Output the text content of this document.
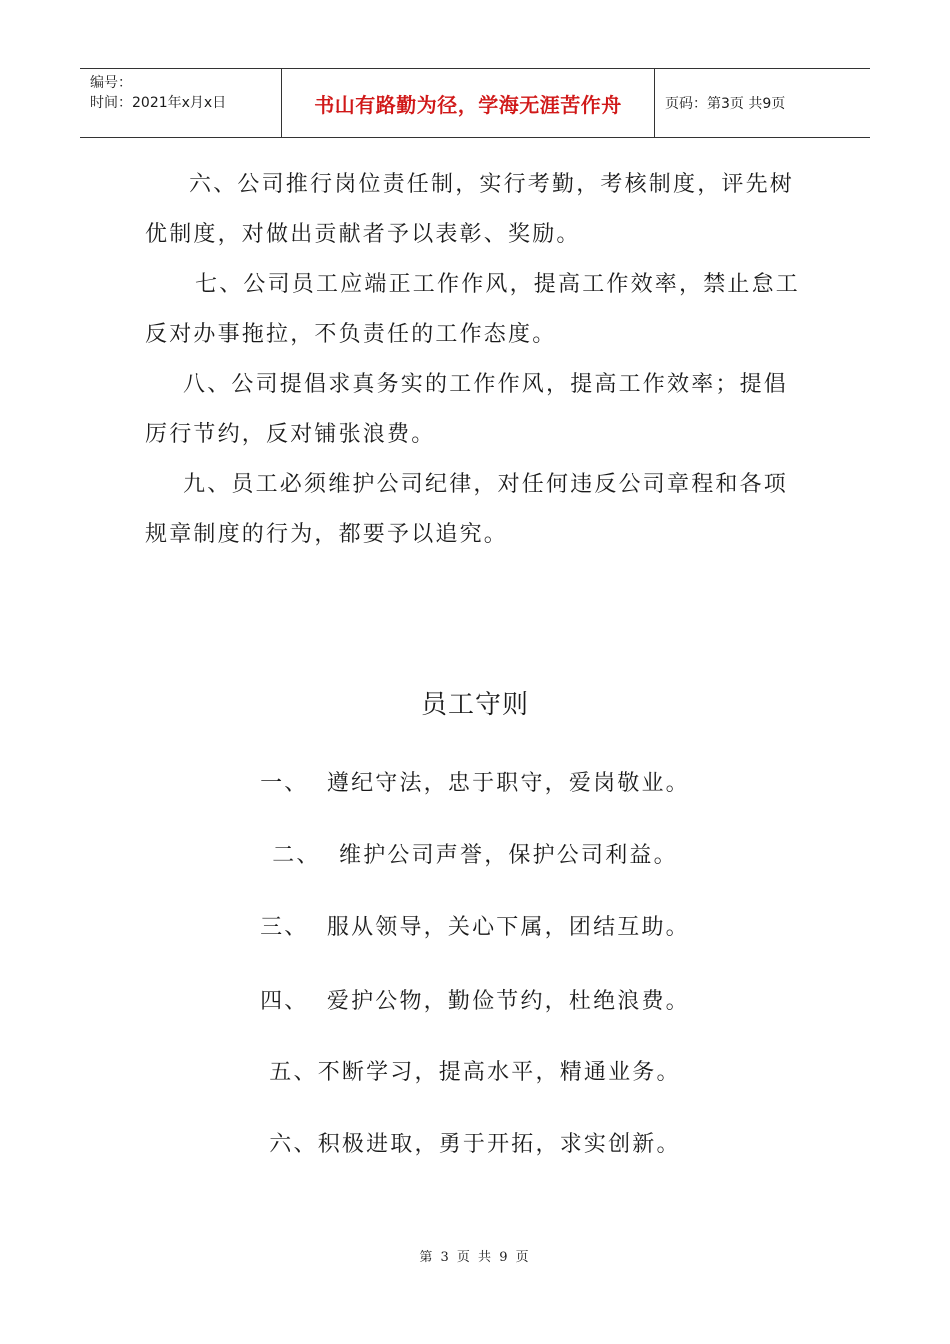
编号：
时间：2021年x月x日	书山有路勤为径，学海无涯苦作舟	页码：第3页 共9页

六、公司推行岗位责任制，实行考勤，考核制度，评先树优制度，对做出贡献者予以表彰、奖励。

七、公司员工应端正工作作风，提高工作效率，禁止怠工反对办事拖拉，不负责任的工作态度。

八、公司提倡求真务实的工作作风，提高工作效率；提倡厉行节约，反对铺张浪费。

九、员工必须维护公司纪律，对任何违反公司章程和各项规章制度的行为，都要予以追究。

员工守则
一、  遵纪守法，忠于职守，爱岗敬业。
二、  维护公司声誉，保护公司利益。
三、  服从领导，关心下属，团结互助。
四、  爱护公物，勤俭节约，杜绝浪费。
五、不断学习，提高水平，精通业务。
六、积极进取，勇于开拓，求实创新。
第 3 页 共 9 页
